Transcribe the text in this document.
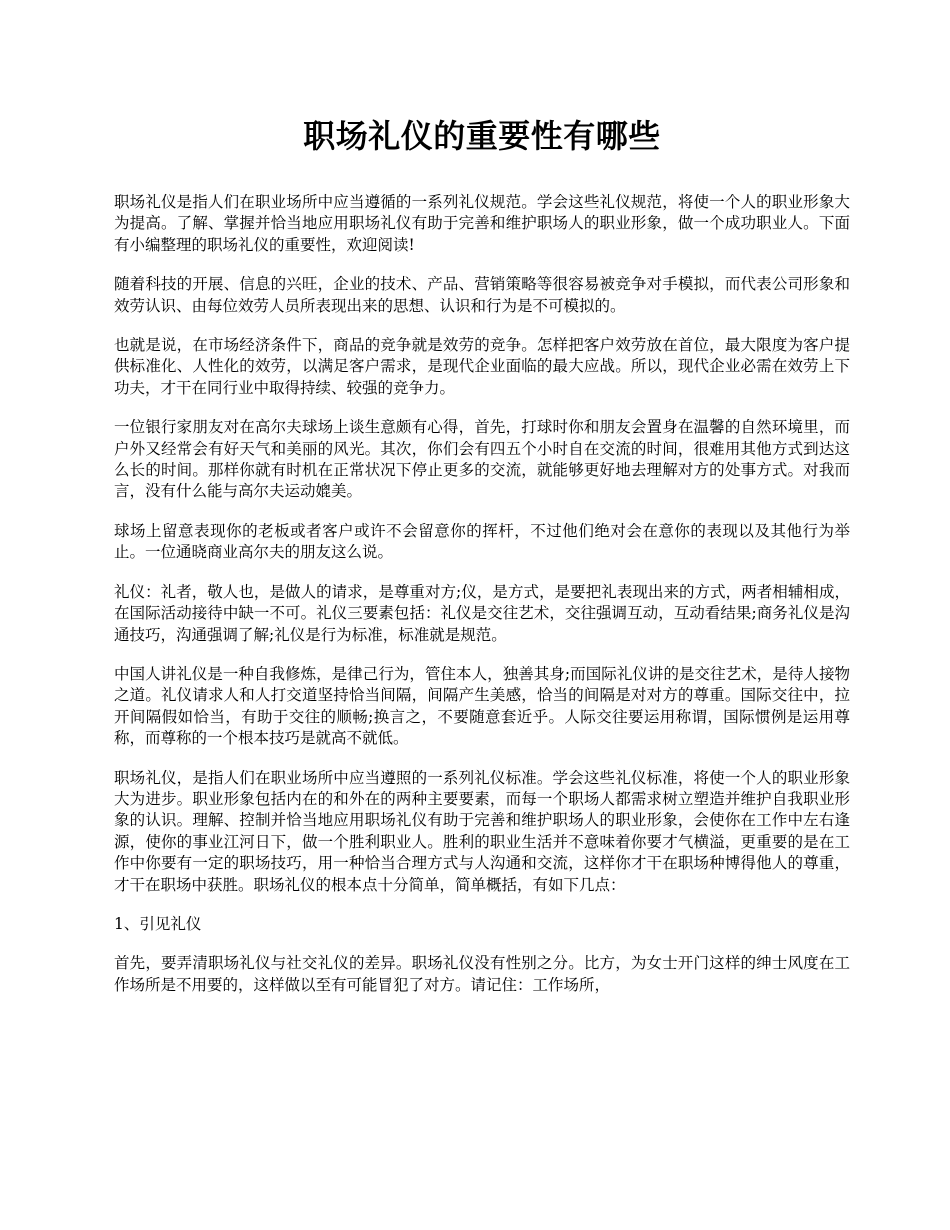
职场礼仪的重要性有哪些

职场礼仪是指人们在职业场所中应当遵循的一系列礼仪规范。学会这些礼仪规范，将使一个人的职业形象大为提高。了解、掌握并恰当地应用职场礼仪有助于完善和维护职场人的职业形象，做一个成功职业人。下面有小编整理的职场礼仪的重要性，欢迎阅读!

随着科技的开展、信息的兴旺，企业的技术、产品、营销策略等很容易被竞争对手模拟，而代表公司形象和效劳认识、由每位效劳人员所表现出来的思想、认识和行为是不可模拟的。

也就是说，在市场经济条件下，商品的竞争就是效劳的竞争。怎样把客户效劳放在首位，最大限度为客户提供标准化、人性化的效劳，以满足客户需求，是现代企业面临的最大应战。所以，现代企业必需在效劳上下功夫，才干在同行业中取得持续、较强的竞争力。

一位银行家朋友对在高尔夫球场上谈生意颇有心得，首先，打球时你和朋友会置身在温馨的自然环境里，而户外又经常会有好天气和美丽的风光。其次，你们会有四五个小时自在交流的时间，很难用其他方式到达这么长的时间。那样你就有时机在正常状况下停止更多的交流，就能够更好地去理解对方的处事方式。对我而言，没有什么能与高尔夫运动媲美。

球场上留意表现你的老板或者客户或许不会留意你的挥杆，不过他们绝对会在意你的表现以及其他行为举止。一位通晓商业高尔夫的朋友这么说。

礼仪：礼者，敬人也，是做人的请求，是尊重对方;仪，是方式，是要把礼表现出来的方式，两者相辅相成，在国际活动接待中缺一不可。礼仪三要素包括：礼仪是交往艺术，交往强调互动，互动看结果;商务礼仪是沟通技巧，沟通强调了解;礼仪是行为标准，标准就是规范。

中国人讲礼仪是一种自我修炼，是律己行为，管住本人，独善其身;而国际礼仪讲的是交往艺术，是待人接物之道。礼仪请求人和人打交道坚持恰当间隔，间隔产生美感，恰当的间隔是对对方的尊重。国际交往中，拉开间隔假如恰当，有助于交往的顺畅;换言之，不要随意套近乎。人际交往要运用称谓，国际惯例是运用尊称，而尊称的一个根本技巧是就高不就低。

职场礼仪，是指人们在职业场所中应当遵照的一系列礼仪标准。学会这些礼仪标准，将使一个人的职业形象大为进步。职业形象包括内在的和外在的两种主要要素，而每一个职场人都需求树立塑造并维护自我职业形象的认识。理解、控制并恰当地应用职场礼仪有助于完善和维护职场人的职业形象，会使你在工作中左右逢源，使你的事业江河日下，做一个胜利职业人。胜利的职业生活并不意味着你要才气横溢，更重要的是在工作中你要有一定的职场技巧，用一种恰当合理方式与人沟通和交流，这样你才干在职场种博得他人的尊重，才干在职场中获胜。职场礼仪的根本点十分简单，简单概括，有如下几点：

1、引见礼仪

首先，要弄清职场礼仪与社交礼仪的差异。职场礼仪没有性别之分。比方，为女士开门这样的绅士风度在工作场所是不用要的，这样做以至有可能冒犯了对方。请记住：工作场所，
